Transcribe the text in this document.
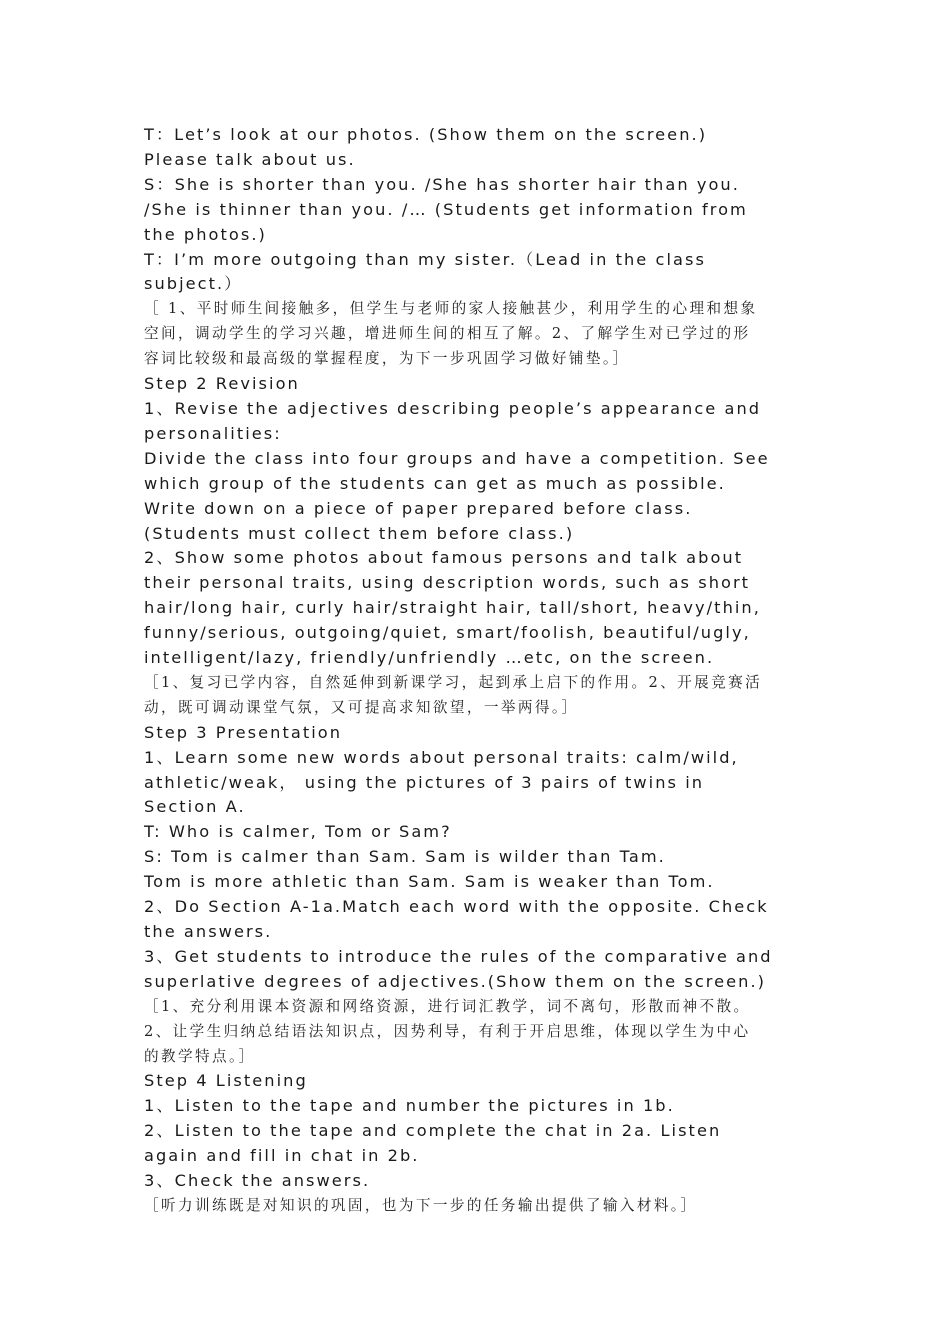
T：Let’s look at our photos. (Show them on the screen.)

Please talk about us.

S：She is shorter than you. /She has shorter hair than you.

/She is thinner than you. /… (Students get information from

the photos.)

T：I’m more outgoing than my sister.（Lead in the class

subject.）

［ 1、平时师生间接触多，但学生与老师的家人接触甚少，利用学生的心理和想象

空间，调动学生的学习兴趣，增进师生间的相互了解。2、了解学生对已学过的形

容词比较级和最高级的掌握程度，为下一步巩固学习做好铺垫。］

Step 2 Revision

1、Revise the adjectives describing people’s appearance and

personalities:

Divide the class into four groups and have a competition. See

which group of the students can get as much as possible.

Write down on a piece of paper prepared before class.

(Students must collect them before class.)

2、Show some photos about famous persons and talk about

their personal traits, using description words, such as short

hair/long hair, curly hair/straight hair, tall/short, heavy/thin,

funny/serious, outgoing/quiet, smart/foolish, beautiful/ugly,

intelligent/lazy, friendly/unfriendly …etc, on the screen.

［1、复习已学内容，自然延伸到新课学习，起到承上启下的作用。2、开展竞赛活

动，既可调动课堂气氛，又可提高求知欲望，一举两得。］

Step 3 Presentation

1、Learn some new words about personal traits: calm/wild,

athletic/weak， using the pictures of 3 pairs of twins in

Section A.

T: Who is calmer, Tom or Sam?

S: Tom is calmer than Sam. Sam is wilder than Tam.

Tom is more athletic than Sam. Sam is weaker than Tom.

2、Do Section A-1a.Match each word with the opposite. Check

the answers.

3、Get students to introduce the rules of the comparative and

superlative degrees of adjectives.(Show them on the screen.)

［1、充分利用课本资源和网络资源，进行词汇教学，词不离句，形散而神不散。

2、让学生归纳总结语法知识点，因势利导，有利于开启思维，体现以学生为中心

的教学特点。］

Step 4 Listening

1、Listen to the tape and number the pictures in 1b.

2、Listen to the tape and complete the chat in 2a. Listen

again and fill in chat in 2b.

3、Check the answers.

［听力训练既是对知识的巩固，也为下一步的任务输出提供了输入材料。］
